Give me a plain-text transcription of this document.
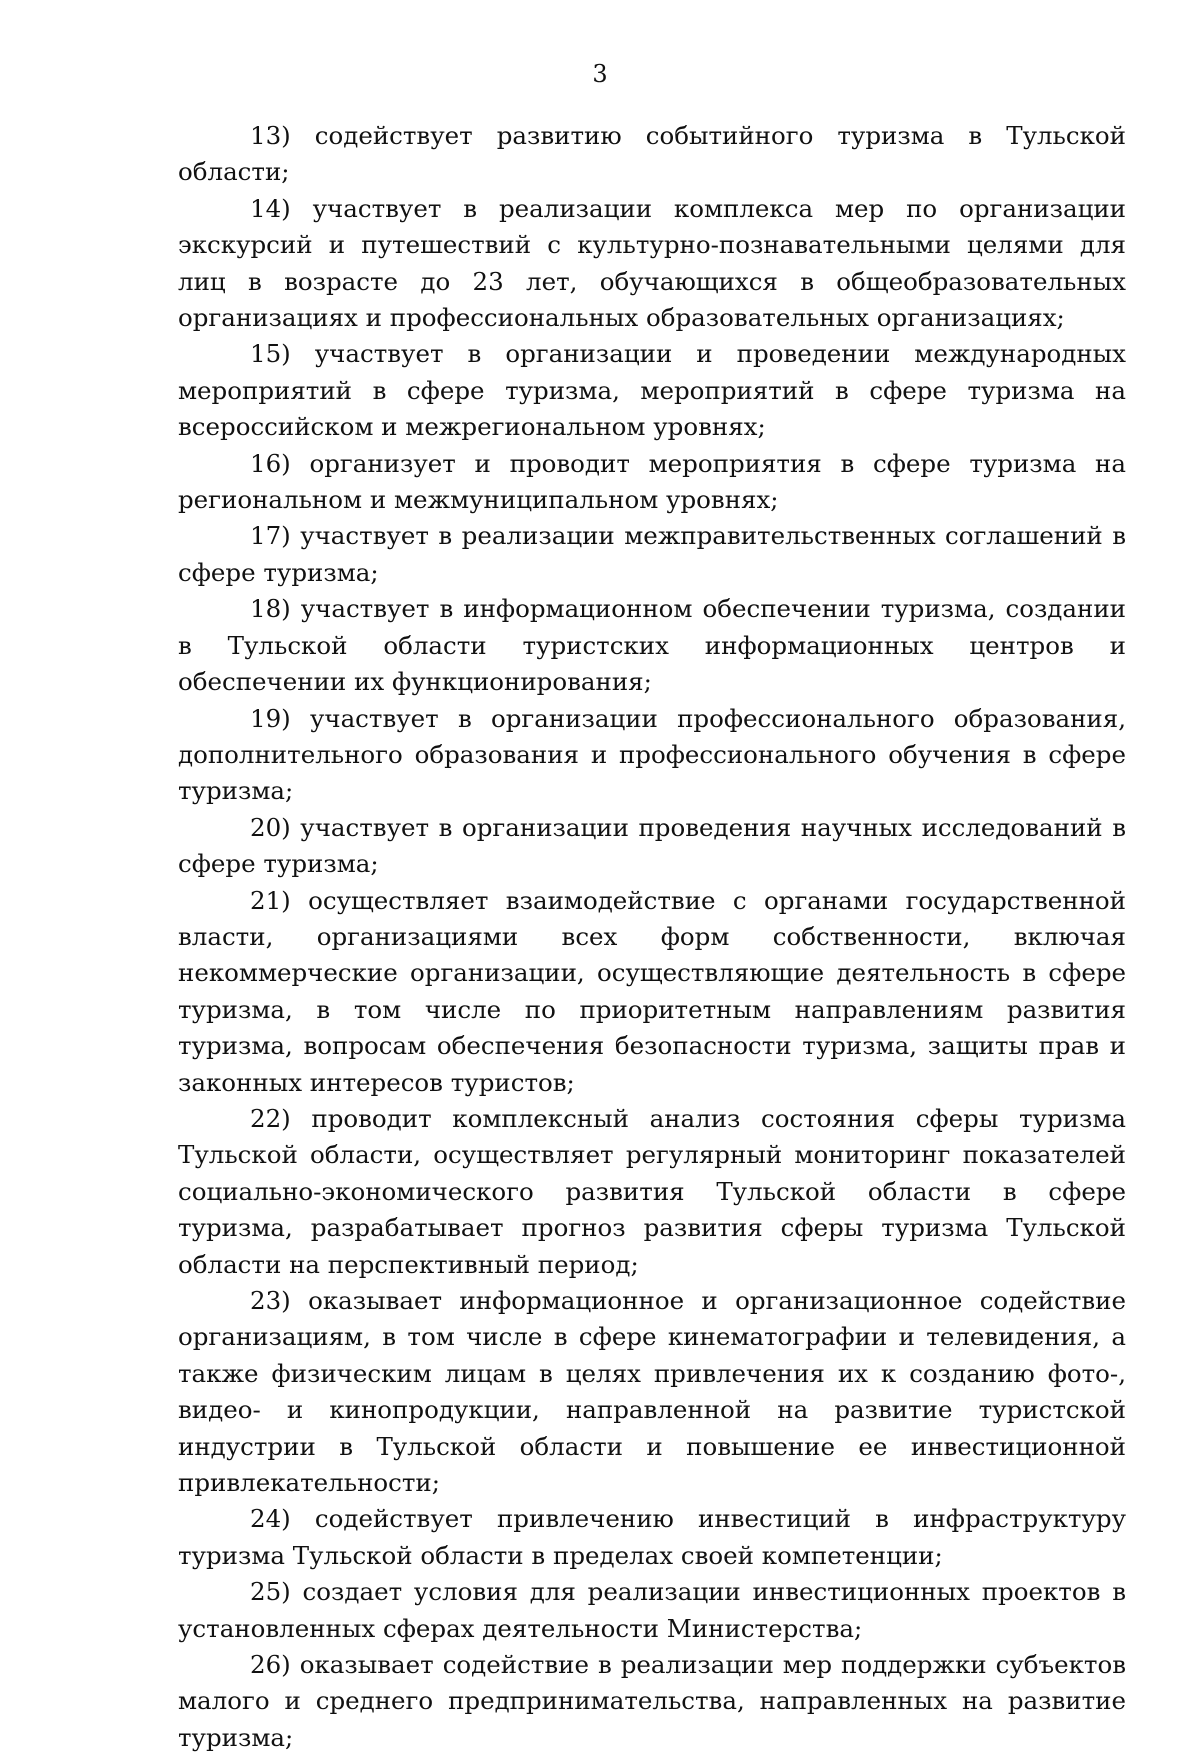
3

13) содействует развитию событийного туризма в Тульской области;

14) участвует в реализации комплекса мер по организации экскурсий и путешествий с культурно-познавательными целями для лиц в возрасте до 23 лет, обучающихся в общеобразовательных организациях и профессиональных образовательных организациях;

15) участвует в организации и проведении международных мероприятий в сфере туризма, мероприятий в сфере туризма на всероссийском и межрегиональном уровнях;

16) организует и проводит мероприятия в сфере туризма на региональном и межмуниципальном уровнях;

17) участвует в реализации межправительственных соглашений в сфере туризма;

18) участвует в информационном обеспечении туризма, создании в Тульской области туристских информационных центров и обеспечении их функционирования;

19) участвует в организации профессионального образования, дополнительного образования и профессионального обучения в сфере туризма;

20) участвует в организации проведения научных исследований в сфере туризма;

21) осуществляет взаимодействие с органами государственной власти, организациями всех форм собственности, включая некоммерческие организации, осуществляющие деятельность в сфере туризма, в том числе по приоритетным направлениям развития туризма, вопросам обеспечения безопасности туризма, защиты прав и законных интересов туристов;

22) проводит комплексный анализ состояния сферы туризма Тульской области, осуществляет регулярный мониторинг показателей социально-экономического развития Тульской области в сфере туризма, разрабатывает прогноз развития сферы туризма Тульской области на перспективный период;

23) оказывает информационное и организационное содействие организациям, в том числе в сфере кинематографии и телевидения, а также физическим лицам в целях привлечения их к созданию фото-, видео- и кинопродукции, направленной на развитие туристской индустрии в Тульской области и повышение ее инвестиционной привлекательности;

24) содействует привлечению инвестиций в инфраструктуру туризма Тульской области в пределах своей компетенции;

25) создает условия для реализации инвестиционных проектов в установленных сферах деятельности Министерства;

26) оказывает содействие в реализации мер поддержки субъектов малого и среднего предпринимательства, направленных на развитие туризма;
